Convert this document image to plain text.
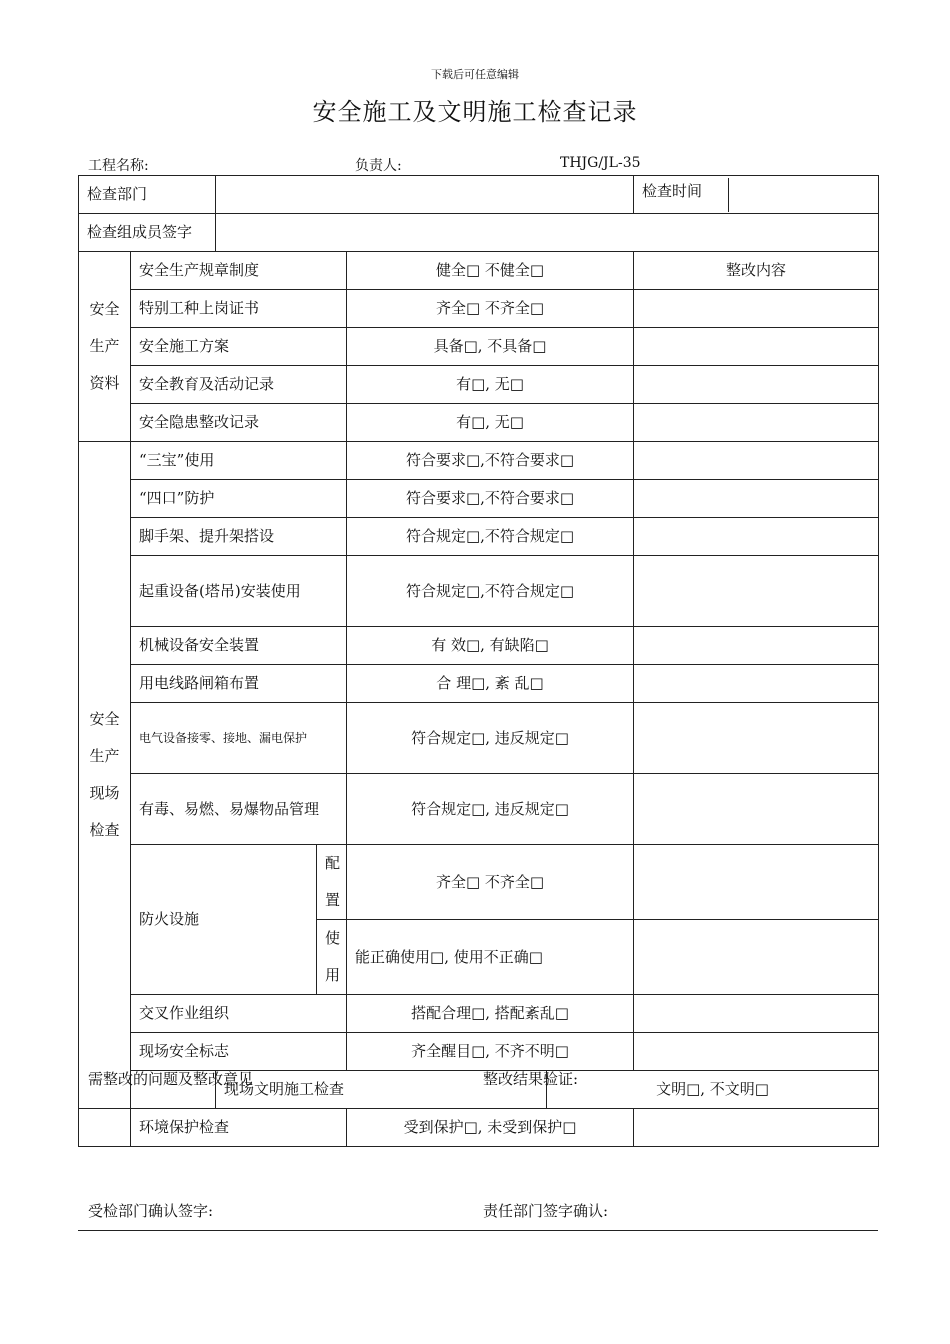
下载后可任意编辑
安全施工及文明施工检查记录
工程名称:	负责人:	THJG/JL-35
检查部门						检查时间	

检查组成员签字							
安全生产资料	安全生产规章制度			健全□ 不健全□		整改内容	
	特别工种上岗证书			齐全□ 不齐全□			
	安全施工方案			具备□, 不具备□			
	安全教育及活动记录			有□, 无□			
	安全隐患整改记录			有□, 无□			
安全生产现场检查	“三宝”使用			符合要求□,不符合要求□			
	“四口”防护			符合要求□,不符合要求□			
	脚手架、提升架搭设			符合规定□,不符合规定□			
	起重设备(塔吊)安装使用			符合规定□,不符合规定□			
	机械设备安全装置			有 效□, 有缺陷□			
	用电线路闸箱布置			合 理□, 紊 乱□			
	电气设备接零、接地、漏电保护			符合规定□, 违反规定□			
	有毒、易燃、易爆物品管理			符合规定□, 违反规定□			
	防火设施		配置	齐全□ 不齐全□			
			使用	能正确使用□, 使用不正确□			
	交叉作业组织			搭配合理□, 搭配紊乱□			
	现场安全标志			齐全醒目□, 不齐不明□			
		现场文明施工检查			文明□, 不文明□		
	环境保护检查			受到保护□, 未受到保护□			
需整改的问题及整改意见	整改结果验证:
受检部门确认签字:	责任部门签字确认:
